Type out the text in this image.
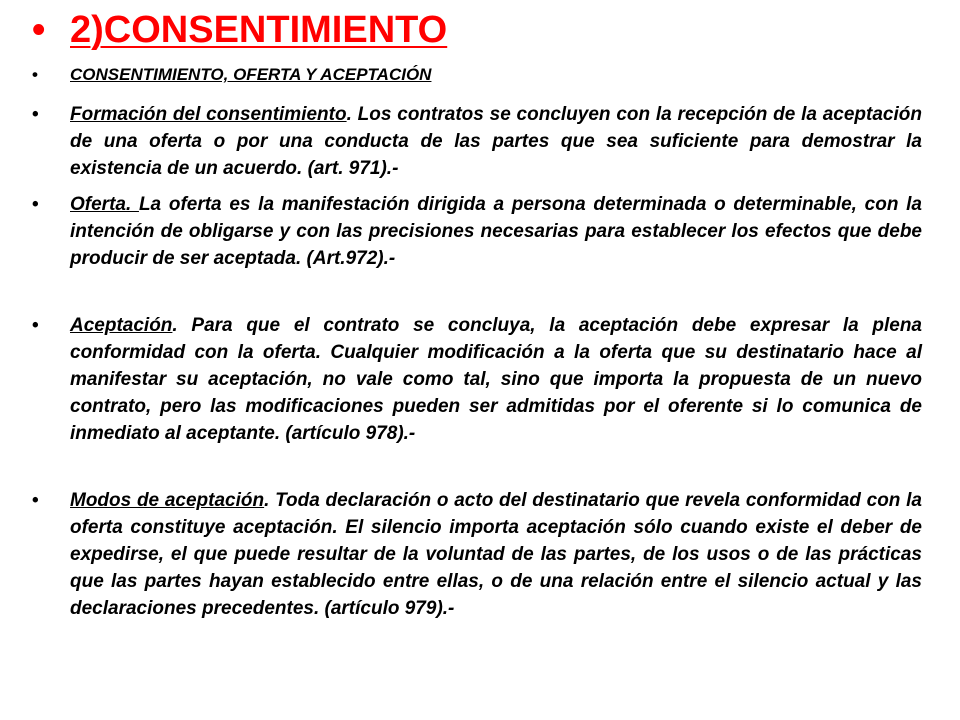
• 2)CONSENTIMIENTO
• CONSENTIMIENTO, OFERTA Y ACEPTACIÓN
• Formación del consentimiento. Los contratos se concluyen con la recepción de la aceptación de una oferta o por una conducta de las partes que sea suficiente para demostrar la existencia de un acuerdo. (art. 971).-
• Oferta. La oferta es la manifestación dirigida a persona determinada o determinable, con la intención de obligarse y con las precisiones necesarias para establecer los efectos que debe producir de ser aceptada. (Art.972).-
• Aceptación. Para que el contrato se concluya, la aceptación debe expresar la plena conformidad con la oferta. Cualquier modificación a la oferta que su destinatario hace al manifestar su aceptación, no vale como tal, sino que importa la propuesta de un nuevo contrato, pero las modificaciones pueden ser admitidas por el oferente si lo comunica de inmediato al aceptante. (artículo 978).-
• Modos de aceptación. Toda declaración o acto del destinatario que revela conformidad con la oferta constituye aceptación. El silencio importa aceptación sólo cuando existe el deber de expedirse, el que puede resultar de la voluntad de las partes, de los usos o de las prácticas que las partes hayan establecido entre ellas, o de una relación entre el silencio actual y las declaraciones precedentes. (artículo 979).-
